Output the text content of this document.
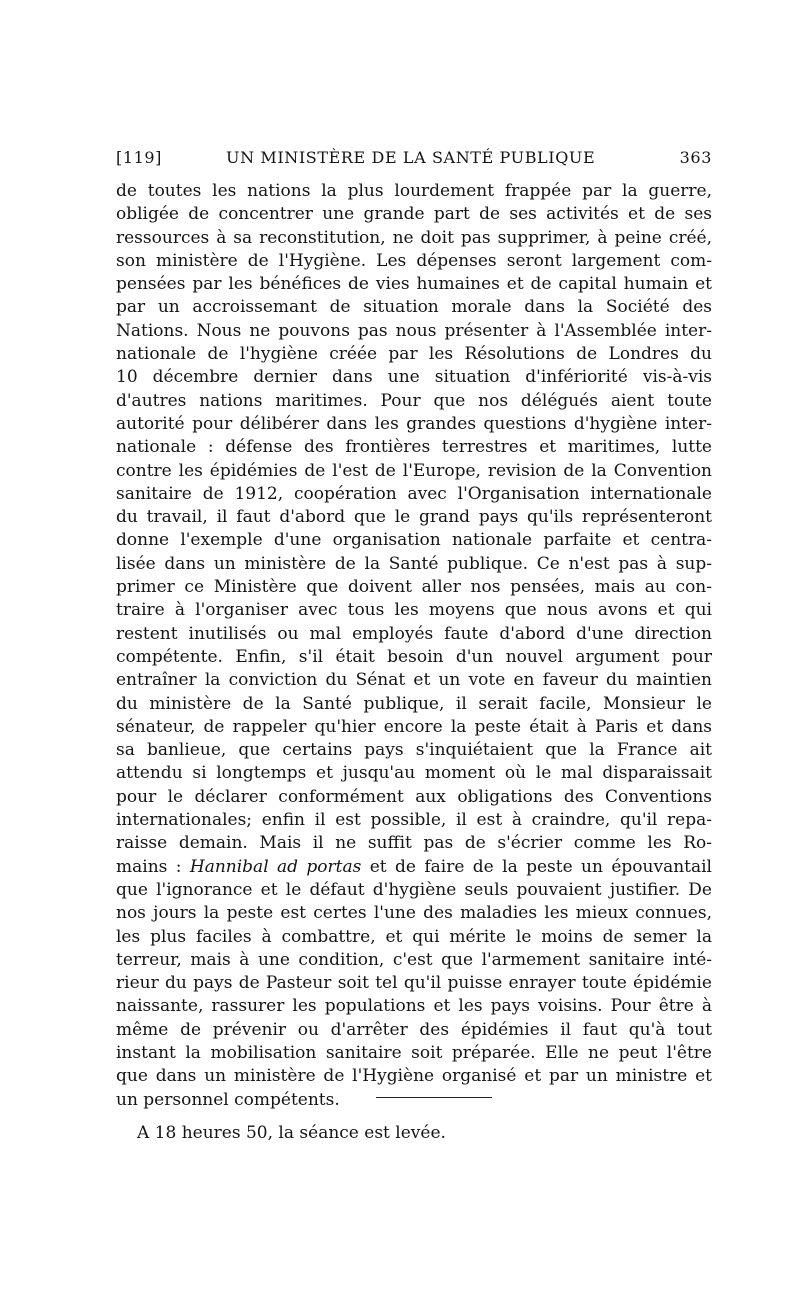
[119]	UN MINISTÈRE DE LA SANTÉ PUBLIQUE	363
de toutes les nations la plus lourdement frappée par la guerre,
obligée de concentrer une grande part de ses activités et de ses
ressources à sa reconstitution, ne doit pas supprimer, à peine créé,
son ministère de l'Hygiène. Les dépenses seront largement com-
pensées par les bénéfices de vies humaines et de capital humain et
par un accroissemant de situation morale dans la Société des
Nations. Nous ne pouvons pas nous présenter à l'Assemblée inter-
nationale de l'hygiène créée par les Résolutions de Londres du
10 décembre dernier dans une situation d'infériorité vis-à-vis
d'autres nations maritimes. Pour que nos délégués aient toute
autorité pour délibérer dans les grandes questions d'hygiène inter-
nationale : défense des frontières terrestres et maritimes, lutte
contre les épidémies de l'est de l'Europe, revision de la Convention
sanitaire de 1912, coopération avec l'Organisation internationale
du travail, il faut d'abord que le grand pays qu'ils représenteront
donne l'exemple d'une organisation nationale parfaite et centra-
lisée dans un ministère de la Santé publique. Ce n'est pas à sup-
primer ce Ministère que doivent aller nos pensées, mais au con-
traire à l'organiser avec tous les moyens que nous avons et qui
restent inutilisés ou mal employés faute d'abord d'une direction
compétente. Enfin, s'il était besoin d'un nouvel argument pour
entraîner la conviction du Sénat et un vote en faveur du maintien
du ministère de la Santé publique, il serait facile, Monsieur le
sénateur, de rappeler qu'hier encore la peste était à Paris et dans
sa banlieue, que certains pays s'inquiétaient que la France ait
attendu si longtemps et jusqu'au moment où le mal disparaissait
pour le déclarer conformément aux obligations des Conventions
internationales; enfin il est possible, il est à craindre, qu'il repa-
raisse demain. Mais il ne suffit pas de s'écrier comme les Ro-
mains : Hannibal ad portas et de faire de la peste un épouvantail
que l'ignorance et le défaut d'hygiène seuls pouvaient justifier. De
nos jours la peste est certes l'une des maladies les mieux connues,
les plus faciles à combattre, et qui mérite le moins de semer la
terreur, mais à une condition, c'est que l'armement sanitaire inté-
rieur du pays de Pasteur soit tel qu'il puisse enrayer toute épidémie
naissante, rassurer les populations et les pays voisins. Pour être à
même de prévenir ou d'arrêter des épidémies il faut qu'à tout
instant la mobilisation sanitaire soit préparée. Elle ne peut l'être
que dans un ministère de l'Hygiène organisé et par un ministre et
un personnel compétents.
A 18 heures 50, la séance est levée.
